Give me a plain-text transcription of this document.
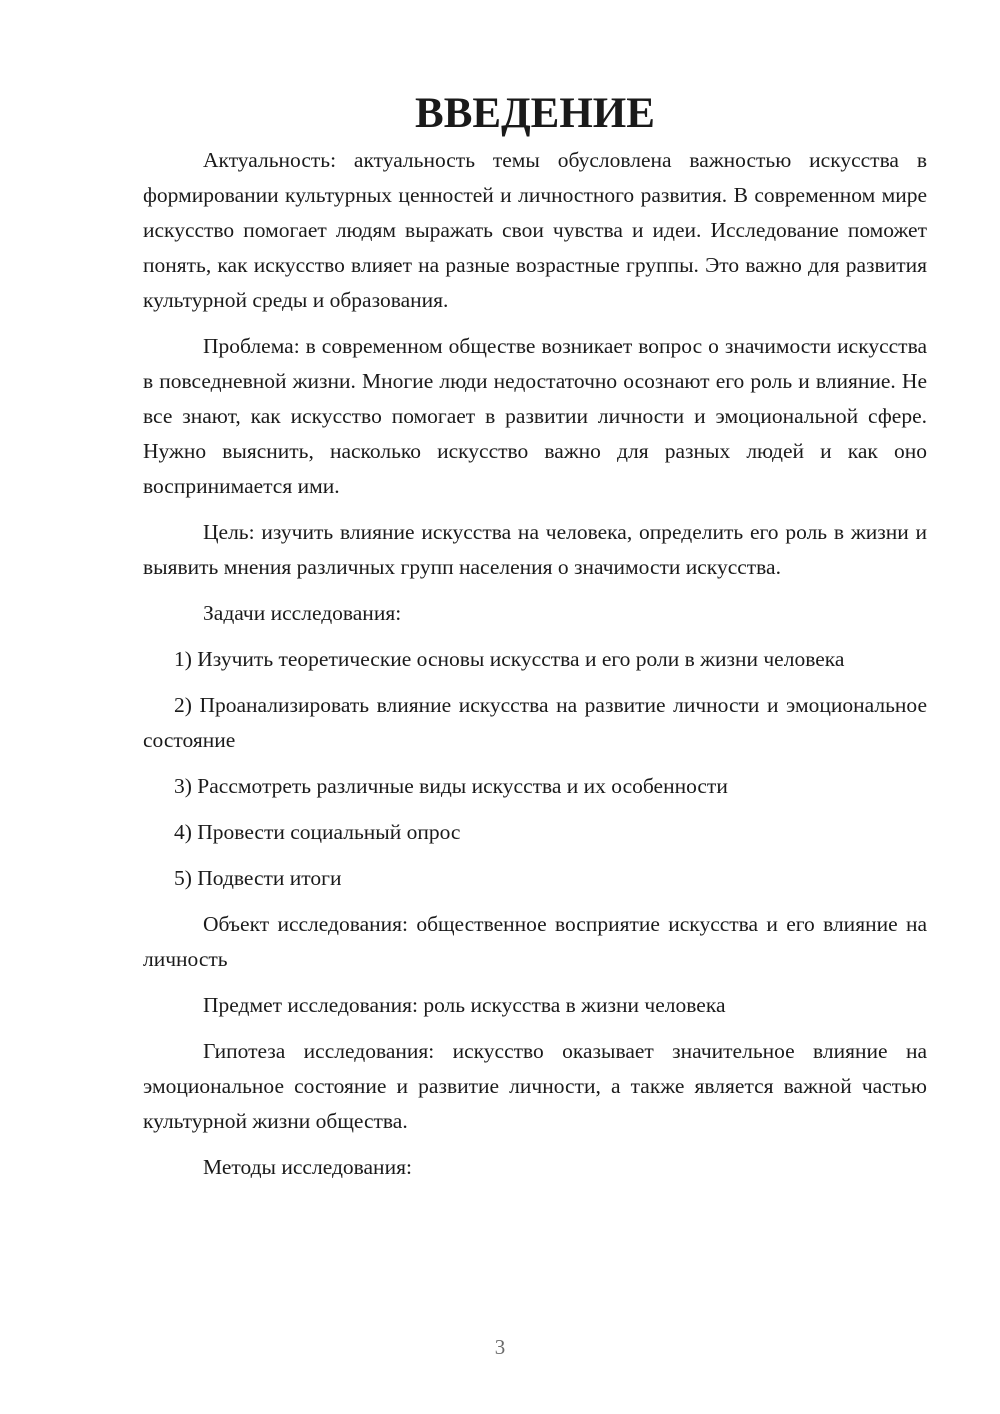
ВВЕДЕНИЕ

Актуальность: актуальность темы обусловлена важностью искусства в формировании культурных ценностей и личностного развития. В современном мире искусство помогает людям выражать свои чувства и идеи. Исследование поможет понять, как искусство влияет на разные возрастные группы. Это важно для развития культурной среды и образования.

Проблема: в современном обществе возникает вопрос о значимости искусства в повседневной жизни. Многие люди недостаточно осознают его роль и влияние. Не все знают, как искусство помогает в развитии личности и эмоциональной сфере. Нужно выяснить, насколько искусство важно для разных людей и как оно воспринимается ими.

Цель: изучить влияние искусства на человека, определить его роль в жизни и выявить мнения различных групп населения о значимости искусства.

Задачи исследования:

1) Изучить теоретические основы искусства и его роли в жизни человека

2) Проанализировать влияние искусства на развитие личности и эмоциональное состояние

3) Рассмотреть различные виды искусства и их особенности

4) Провести социальный опрос

5) Подвести итоги

Объект исследования: общественное восприятие искусства и его влияние на личность

Предмет исследования: роль искусства в жизни человека

Гипотеза исследования: искусство оказывает значительное влияние на эмоциональное состояние и развитие личности, а также является важной частью культурной жизни общества.

Методы исследования:

3
